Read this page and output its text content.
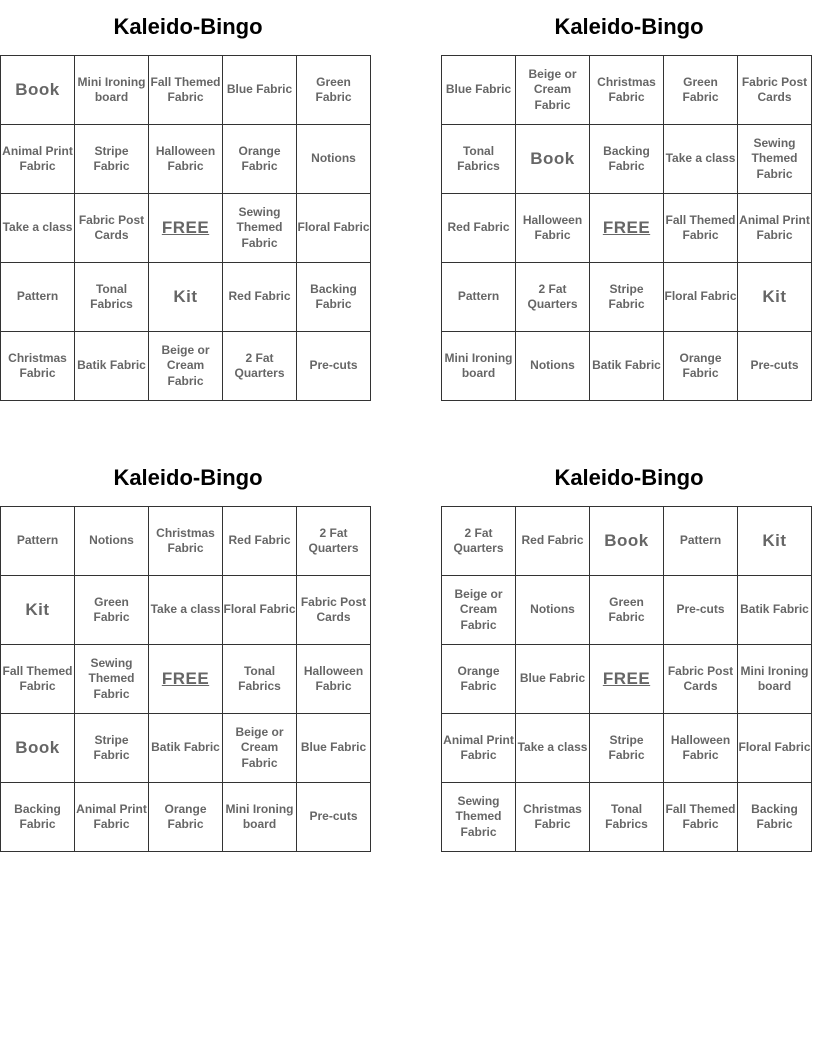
Kaleido-Bingo
Book	Mini Ironing board	Fall Themed Fabric	Blue Fabric	Green Fabric
Animal Print Fabric	Stripe Fabric	Halloween Fabric	Orange Fabric	Notions
Take a class	Fabric Post Cards	FREE	Sewing Themed Fabric	Floral Fabric
Pattern	Tonal Fabrics	Kit	Red Fabric	Backing Fabric
Christmas Fabric	Batik Fabric	Beige or Cream Fabric	2 Fat Quarters	Pre-cuts
Kaleido-Bingo
Blue Fabric	Beige or Cream Fabric	Christmas Fabric	Green Fabric	Fabric Post Cards
Tonal Fabrics	Book	Backing Fabric	Take a class	Sewing Themed Fabric
Red Fabric	Halloween Fabric	FREE	Fall Themed Fabric	Animal Print Fabric
Pattern	2 Fat Quarters	Stripe Fabric	Floral Fabric	Kit
Mini Ironing board	Notions	Batik Fabric	Orange Fabric	Pre-cuts
Kaleido-Bingo
Pattern	Notions	Christmas Fabric	Red Fabric	2 Fat Quarters
Kit	Green Fabric	Take a class	Floral Fabric	Fabric Post Cards
Fall Themed Fabric	Sewing Themed Fabric	FREE	Tonal Fabrics	Halloween Fabric
Book	Stripe Fabric	Batik Fabric	Beige or Cream Fabric	Blue Fabric
Backing Fabric	Animal Print Fabric	Orange Fabric	Mini Ironing board	Pre-cuts
Kaleido-Bingo
2 Fat Quarters	Red Fabric	Book	Pattern	Kit
Beige or Cream Fabric	Notions	Green Fabric	Pre-cuts	Batik Fabric
Orange Fabric	Blue Fabric	FREE	Fabric Post Cards	Mini Ironing board
Animal Print Fabric	Take a class	Stripe Fabric	Halloween Fabric	Floral Fabric
Sewing Themed Fabric	Christmas Fabric	Tonal Fabrics	Fall Themed Fabric	Backing Fabric
